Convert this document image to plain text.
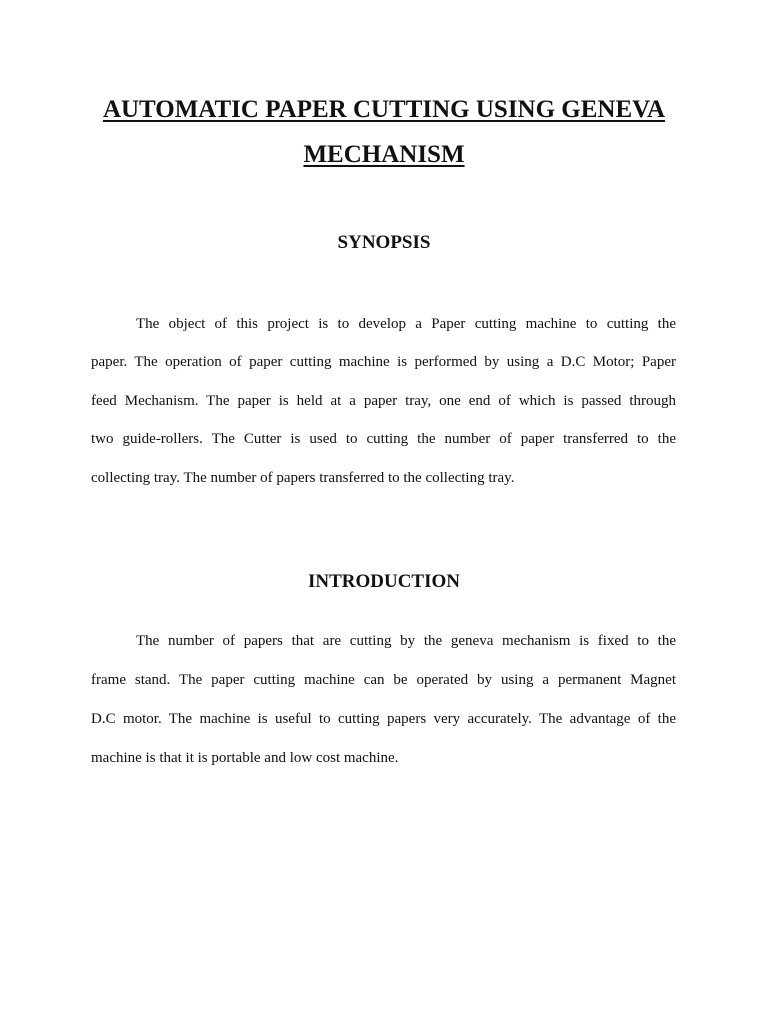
AUTOMATIC PAPER CUTTING USING GENEVA
MECHANISM
SYNOPSIS
The object of this project is to develop a Paper cutting machine to cutting the
paper. The operation of paper cutting machine is performed by using a D.C Motor; Paper
feed Mechanism. The paper is held at a paper tray, one end of which is passed through
two guide-rollers. The Cutter is used to cutting the number of paper transferred to the
collecting tray. The number of papers transferred to the collecting tray.
INTRODUCTION
The number of papers that are cutting by the geneva mechanism is fixed to the
frame stand. The paper cutting machine can be operated by using a permanent Magnet
D.C motor. The machine is useful to cutting papers very accurately. The advantage of the
machine is that it is portable and low cost machine.
